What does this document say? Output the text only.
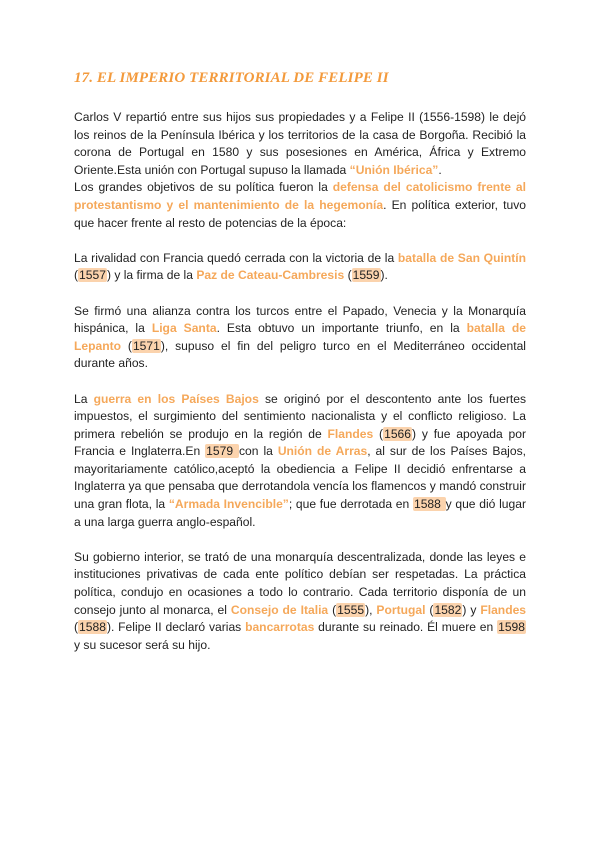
17. EL IMPERIO TERRITORIAL DE FELIPE II

Carlos V repartió entre sus hijos sus propiedades y a Felipe II (1556-1598) le dejó los reinos de la Península Ibérica y los territorios de la casa de Borgoña. Recibió la corona de Portugal en 1580 y sus posesiones en América, África y Extremo Oriente.Esta unión con Portugal supuso la llamada “Unión Ibérica”.

Los grandes objetivos de su política fueron la defensa del catolicismo frente al protestantismo y el mantenimiento de la hegemonía. En política exterior, tuvo que hacer frente al resto de potencias de la época:

La rivalidad con Francia quedó cerrada con la victoria de la batalla de San Quintín (1557) y la firma de la Paz de Cateau-Cambresis (1559).

Se firmó una alianza contra los turcos entre el Papado, Venecia y la Monarquía hispánica, la Liga Santa. Esta obtuvo un importante triunfo, en la batalla de Lepanto (1571), supuso el fin del peligro turco en el Mediterráneo occidental durante años.

La guerra en los Países Bajos se originó por el descontento ante los fuertes impuestos, el surgimiento del sentimiento nacionalista y el conflicto religioso. La primera rebelión se produjo en la región de Flandes (1566) y fue apoyada por Francia e Inglaterra.En 1579 con la Unión de Arras, al sur de los Países Bajos, mayoritariamente católico,aceptó la obediencia a Felipe II decidió enfrentarse a Inglaterra ya que pensaba que derrotandola vencía los flamencos y mandó construir una gran flota, la “Armada Invencible”; que fue derrotada en 1588 y que dió lugar a una larga guerra anglo-español.

Su gobierno interior, se trató de una monarquía descentralizada, donde las leyes e instituciones privativas de cada ente político debían ser respetadas. La práctica política, condujo en ocasiones a todo lo contrario. Cada territorio disponía de un consejo junto al monarca, el Consejo de Italia (1555), Portugal (1582) y Flandes (1588). Felipe II declaró varias bancarrotas durante su reinado. Él muere en 1598 y su sucesor será su hijo.
